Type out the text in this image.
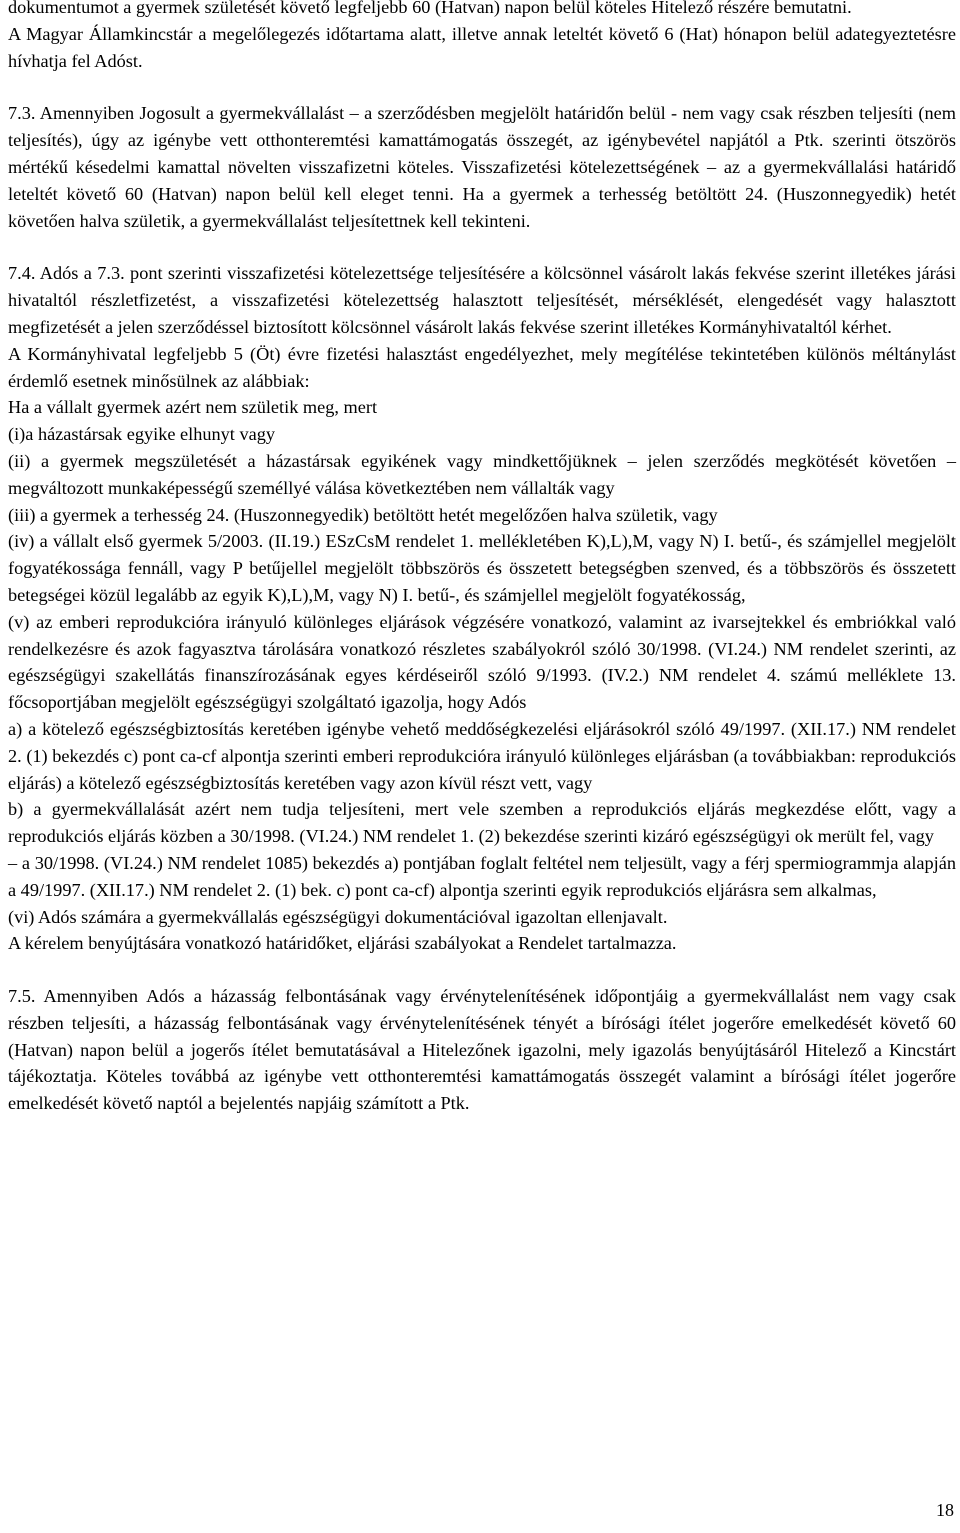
dokumentumot a gyermek születését követő legfeljebb 60 (Hatvan) napon belül köteles Hitelező részére bemutatni.

A Magyar Államkincstár a megelőlegezés időtartama alatt, illetve annak leteltét követő 6 (Hat) hónapon belül adategyeztetésre hívhatja fel Adóst.

7.3. Amennyiben Jogosult a gyermekvállalást – a szerződésben megjelölt határidőn belül - nem vagy csak részben teljesíti (nem teljesítés), úgy az igénybe vett otthonteremtési kamattámogatás összegét, az igénybevétel napjától a Ptk. szerinti ötszörös mértékű késedelmi kamattal növelten visszafizetni köteles. Visszafizetési kötelezettségének – az a gyermekvállalási határidő leteltét követő 60 (Hatvan) napon belül kell eleget tenni. Ha a gyermek a terhesség betöltött 24. (Huszonnegyedik) hetét követően halva születik, a gyermekvállalást teljesítettnek kell tekinteni.

7.4. Adós a 7.3. pont szerinti visszafizetési kötelezettsége teljesítésére a kölcsönnel vásárolt lakás fekvése szerint illetékes járási hivataltól részletfizetést, a visszafizetési kötelezettség halasztott teljesítését, mérséklését, elengedését vagy halasztott megfizetését a jelen szerződéssel biztosított kölcsönnel vásárolt lakás fekvése szerint illetékes Kormányhivataltól kérhet.

A Kormányhivatal legfeljebb 5 (Öt) évre fizetési halasztást engedélyezhet, mely megítélése tekintetében különös méltánylást érdemlő esetnek minősülnek az alábbiak:

Ha a vállalt gyermek azért nem születik meg, mert

(i)a házastársak egyike elhunyt vagy

(ii) a gyermek megszületését a házastársak egyikének vagy mindkettőjüknek – jelen szerződés megkötését követően – megváltozott munkaképességű személlyé válása következtében nem vállalták vagy

(iii) a gyermek a terhesség 24. (Huszonnegyedik) betöltött hetét megelőzően halva születik, vagy

(iv) a vállalt első gyermek 5/2003. (II.19.) ESzCsM rendelet 1. mellékletében K),L),M, vagy N) I. betű-, és számjellel megjelölt fogyatékossága fennáll, vagy P betűjellel megjelölt többszörös és összetett betegségben szenved, és a többszörös és összetett betegségei közül legalább az egyik K),L),M, vagy N) I. betű-, és számjellel megjelölt fogyatékosság,

(v) az emberi reprodukcióra irányuló különleges eljárások végzésére vonatkozó, valamint az ivarsejtekkel és embriókkal való rendelkezésre és azok fagyasztva tárolására vonatkozó részletes szabályokról szóló 30/1998. (VI.24.) NM rendelet szerinti, az egészségügyi szakellátás finanszírozásának egyes kérdéseiről szóló 9/1993. (IV.2.) NM rendelet 4. számú melléklete 13. főcsoportjában megjelölt egészségügyi szolgáltató igazolja, hogy Adós

a) a kötelező egészségbiztosítás keretében igénybe vehető meddőségkezelési eljárásokról szóló 49/1997. (XII.17.) NM rendelet 2. (1) bekezdés c) pont ca-cf alpontja szerinti emberi reprodukcióra irányuló különleges eljárásban (a továbbiakban: reprodukciós eljárás) a kötelező egészségbiztosítás keretében vagy azon kívül részt vett, vagy

b) a gyermekvállalását azért nem tudja teljesíteni, mert vele szemben a reprodukciós eljárás megkezdése előtt, vagy a reprodukciós eljárás közben a 30/1998. (VI.24.) NM rendelet 1. (2) bekezdése szerinti kizáró egészségügyi ok merült fel, vagy

– a 30/1998. (VI.24.) NM rendelet 1085) bekezdés a) pontjában foglalt feltétel nem teljesült, vagy a férj spermiogrammja alapján a 49/1997. (XII.17.) NM rendelet 2. (1) bek. c) pont ca-cf) alpontja szerinti egyik reprodukciós eljárásra sem alkalmas,

(vi) Adós számára a gyermekvállalás egészségügyi dokumentációval igazoltan ellenjavalt.

A kérelem benyújtására vonatkozó határidőket, eljárási szabályokat a Rendelet tartalmazza.

7.5. Amennyiben Adós a házasság felbontásának vagy érvénytelenítésének időpontjáig a gyermekvállalást nem vagy csak részben teljesíti, a házasság felbontásának vagy érvénytelenítésének tényét a bírósági ítélet jogerőre emelkedését követő 60 (Hatvan) napon belül a jogerős ítélet bemutatásával a Hitelezőnek igazolni, mely igazolás benyújtásáról Hitelező a Kincstárt tájékoztatja. Köteles továbbá az igénybe vett otthonteremtési kamattámogatás összegét valamint a bírósági ítélet jogerőre emelkedését követő naptól a bejelentés napjáig számított a Ptk.

18
